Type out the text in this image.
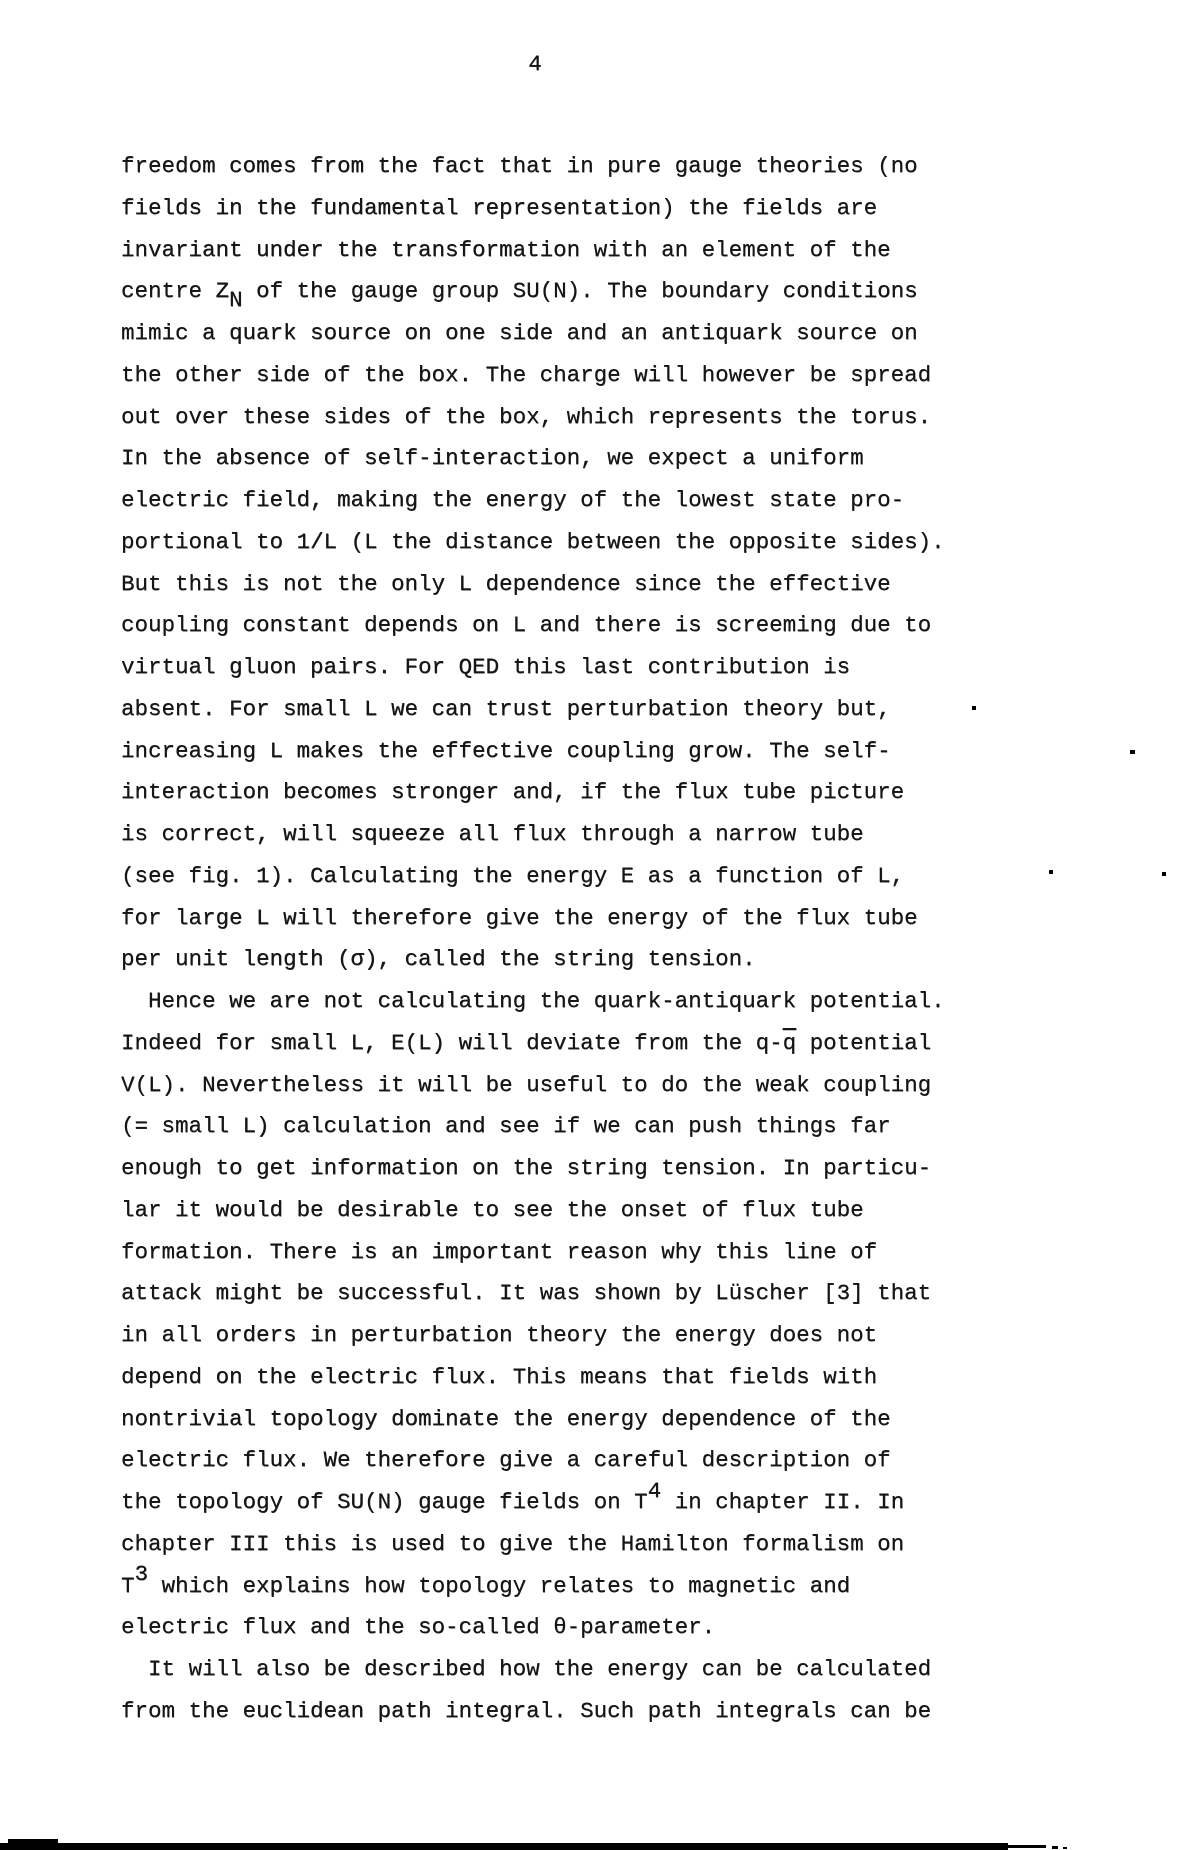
4
freedom comes from the fact that in pure gauge theories (no
fields in the fundamental representation) the fields are
invariant under the transformation with an element of the
centre ZN of the gauge group SU(N). The boundary conditions
mimic a quark source on one side and an antiquark source on
the other side of the box. The charge will however be spread
out over these sides of the box, which represents the torus.
In the absence of self-interaction, we expect a uniform
electric field, making the energy of the lowest state pro-
portional to 1/L (L the distance between the opposite sides).
But this is not the only L dependence since the effective
coupling constant depends on L and there is screeming due to
virtual gluon pairs. For QED this last contribution is
absent. For small L we can trust perturbation theory but,
increasing L makes the effective coupling grow. The self-
interaction becomes stronger and, if the flux tube picture
is correct, will squeeze all flux through a narrow tube
(see fig. 1). Calculating the energy E as a function of L,
for large L will therefore give the energy of the flux tube
per unit length (σ), called the string tension.
Hence we are not calculating the quark-antiquark potential.
Indeed for small L, E(L) will deviate from the $q-\overline{q}$ potential
V(L). Nevertheless it will be useful to do the weak coupling
(= small L) calculation and see if we can push things far
enough to get information on the string tension. In particu-
lar it would be desirable to see the onset of flux tube
formation. There is an important reason why this line of
attack might be successful. It was shown by Lüscher [3] that
in all orders in perturbation theory the energy does not
depend on the electric flux. This means that fields with
nontrivial topology dominate the energy dependence of the
electric flux. We therefore give a careful description of
the topology of SU(N) gauge fields on T4 in chapter II. In
chapter III this is used to give the Hamilton formalism on
T3 which explains how topology relates to magnetic and
electric flux and the so-called θ-parameter.
It will also be described how the energy can be calculated
from the euclidean path integral. Such path integrals can be
